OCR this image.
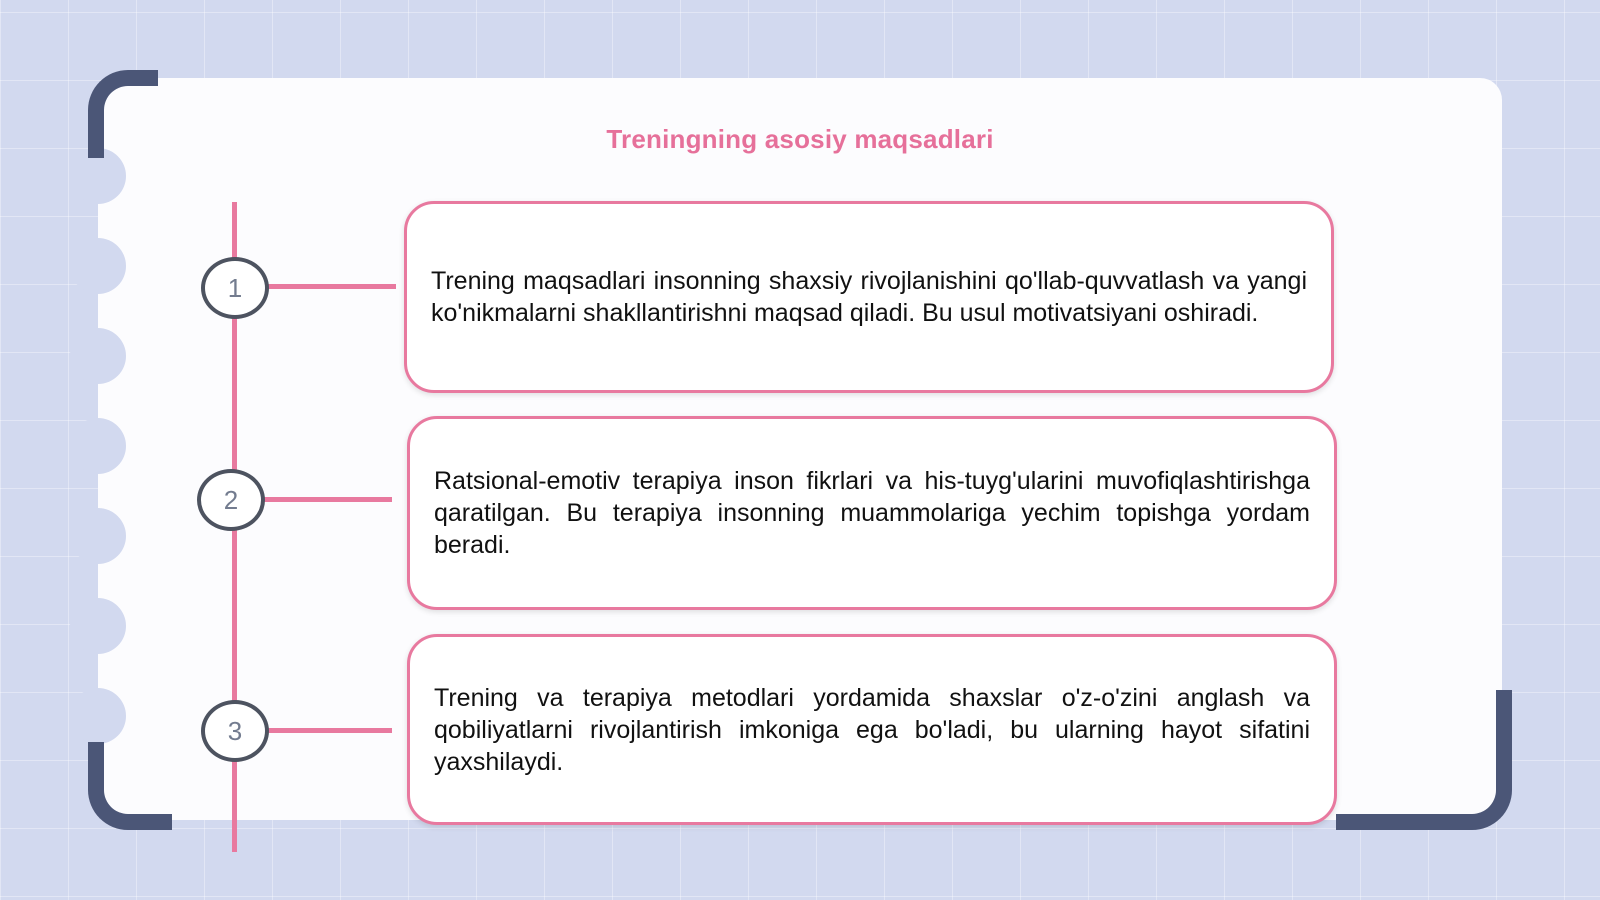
Treningning asosiy maqsadlari
1	Trening maqsadlari insonning shaxsiy rivojlanishini qo'llab-quvvatlash va yangi ko'nikmalarni shakllantirishni maqsad qiladi. Bu usul motivatsiyani oshiradi.

2

Ratsional-emotiv terapiya inson fikrlari va his-tuyg'ularini muvofiqlashtirishga qaratilgan. Bu terapiya insonning muammolariga yechim topishga yordam beradi.

3

Trening va terapiya metodlari yordamida shaxslar o'z-o'zini anglash va qobiliyatlarni rivojlantirish imkoniga ega bo'ladi, bu ularning hayot sifatini yaxshilaydi.
